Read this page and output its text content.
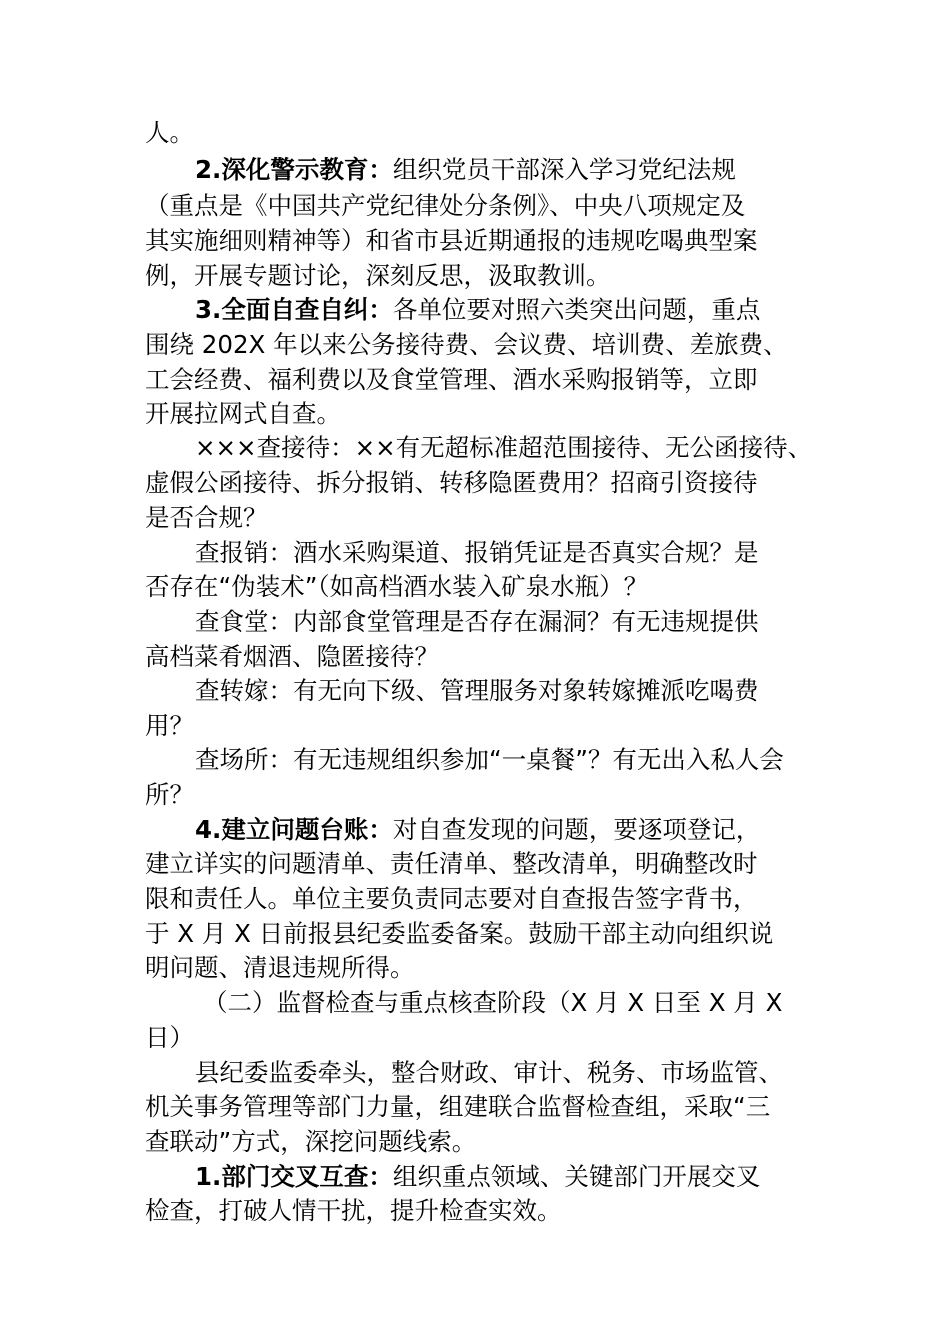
人。
2.深化警示教育：组织党员干部深入学习党纪法规
（重点是《中国共产党纪律处分条例》、中央八项规定及
其实施细则精神等）和省市县近期通报的违规吃喝典型案
例，开展专题讨论，深刻反思，汲取教训。
3.全面自查自纠：各单位要对照六类突出问题，重点
围绕 202X 年以来公务接待费、会议费、培训费、差旅费、
工会经费、福利费以及食堂管理、酒水采购报销等，立即
开展拉网式自查。
×××查接待：××有无超标准超范围接待、无公函接待、
虚假公函接待、拆分报销、转移隐匿费用？招商引资接待
是否合规？
查报销：酒水采购渠道、报销凭证是否真实合规？是
否存在“伪装术”（如高档酒水装入矿泉水瓶）？
查食堂：内部食堂管理是否存在漏洞？有无违规提供
高档菜肴烟酒、隐匿接待？
查转嫁：有无向下级、管理服务对象转嫁摊派吃喝费
用？
查场所：有无违规组织参加“一桌餐”？有无出入私人会
所？
4.建立问题台账：对自查发现的问题，要逐项登记，
建立详实的问题清单、责任清单、整改清单，明确整改时
限和责任人。单位主要负责同志要对自查报告签字背书，
于 X 月 X 日前报县纪委监委备案。鼓励干部主动向组织说
明问题、清退违规所得。
（二）监督检查与重点核查阶段（X 月 X 日至 X 月 X
日）
县纪委监委牵头，整合财政、审计、税务、市场监管、
机关事务管理等部门力量，组建联合监督检查组，采取“三
查联动”方式，深挖问题线索。
1.部门交叉互查：组织重点领域、关键部门开展交叉
检查，打破人情干扰，提升检查实效。
